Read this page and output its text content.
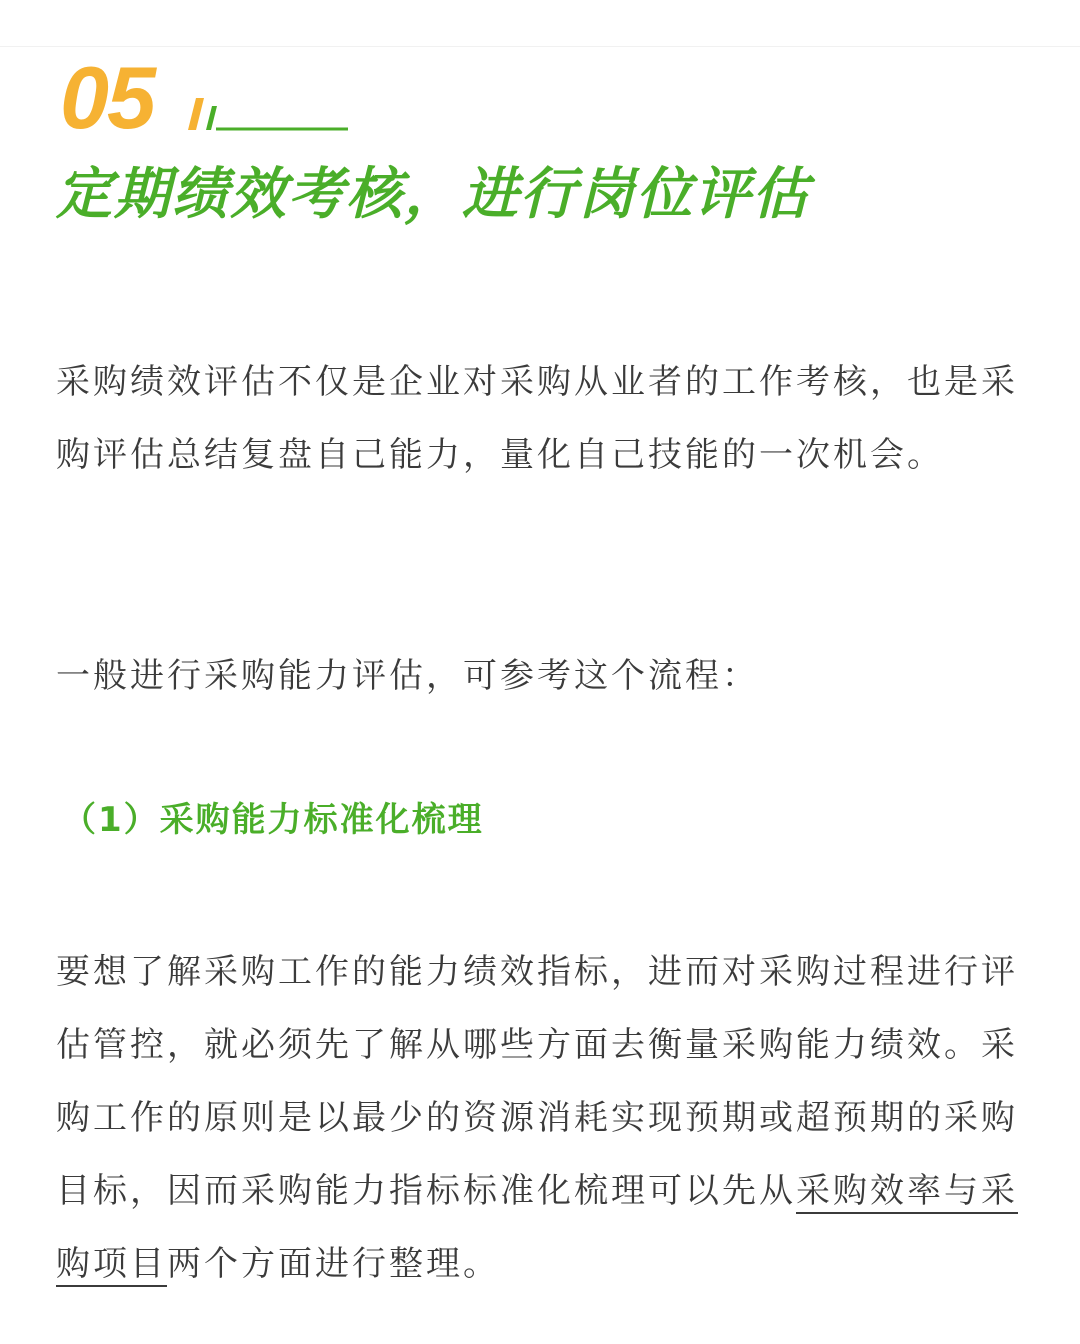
05
定期绩效考核，进行岗位评估

采购绩效评估不仅是企业对采购从业者的工作考核，也是采购评估总结复盘自己能力，量化自己技能的一次机会。

一般进行采购能力评估，可参考这个流程：

（1）采购能力标准化梳理

要想了解采购工作的能力绩效指标，进而对采购过程进行评估管控，就必须先了解从哪些方面去衡量采购能力绩效。采购工作的原则是以最少的资源消耗实现预期或超预期的采购目标，因而采购能力指标标准化梳理可以先从采购效率与采购项目两个方面进行整理。
